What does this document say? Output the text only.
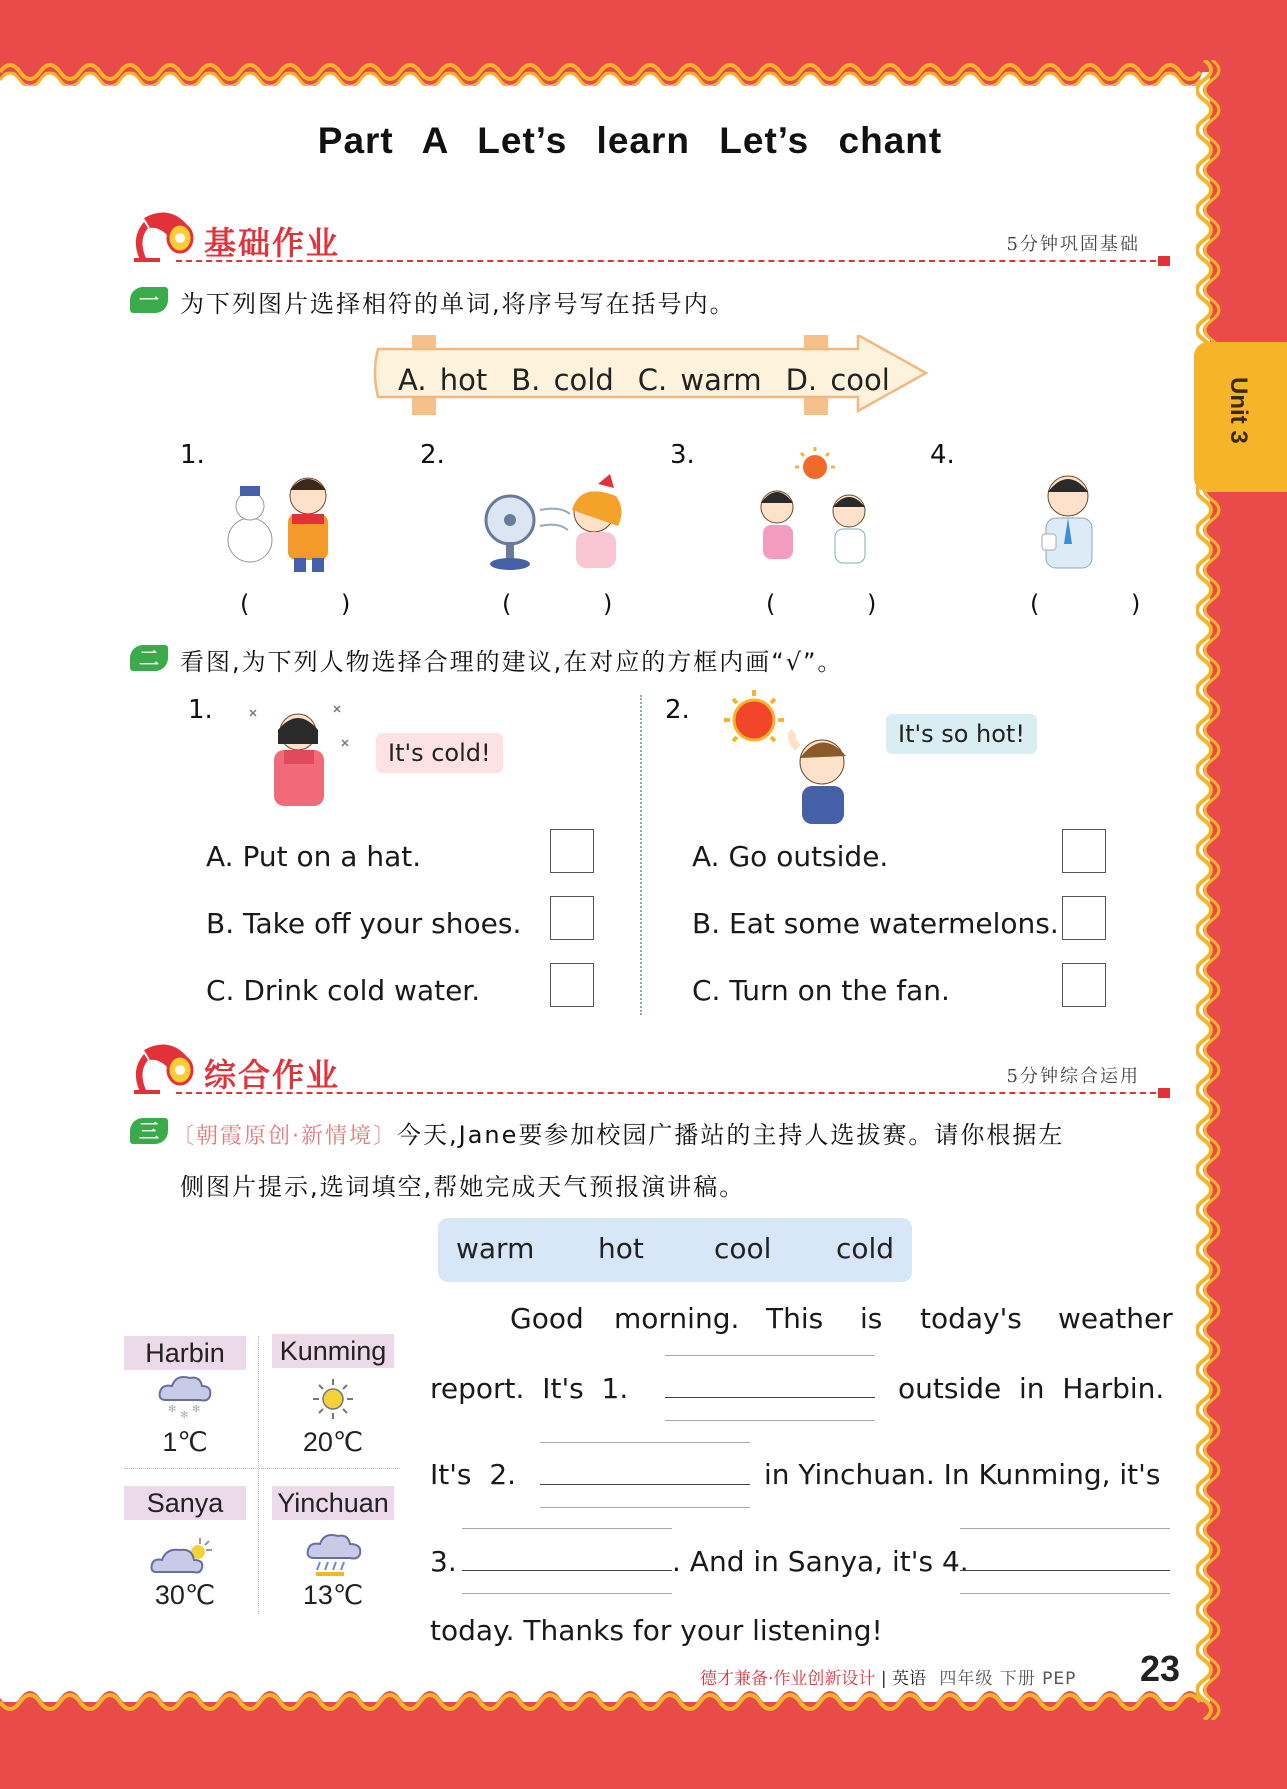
Unit 3
Part A Let’s learn Let’s chant
基础作业	5分钟巩固基础
一 为下列图片选择相符的单词,将序号写在括号内。
A. hot B. cold C. warm D. cool
1.	2.	3.	4.
( )	( )	( )	( )
二 看图,为下列人物选择合理的建议,在对应的方框内画“√”。
1.
It's cold!
A. Put on a hat.
B. Take off your shoes.
C. Drink cold water.
2.
It's so hot!
A. Go outside.
B. Eat some watermelons.
C. Turn on the fan.
综合作业	5分钟综合运用
三 〔朝霞原创·新情境〕今天,Jane要参加校园广播站的主持人选拔赛。请你根据左
侧图片提示,选词填空,帮她完成天气预报演讲稿。
warm hot	cool cold
Harbin
✻
✻
✻
1℃
Kunming
20℃
Sanya
30℃
Yinchuan
13℃
Good morning. This is today's weather
report.  It's  1.	outside  in  Harbin.
It's  2.	in Yinchuan. In Kunming, it's
3.	. And in Sanya, it's 4.
today. Thanks for your listening!
德才兼备·作业创新设计 | 英语 四年级 下册 PEP 23
